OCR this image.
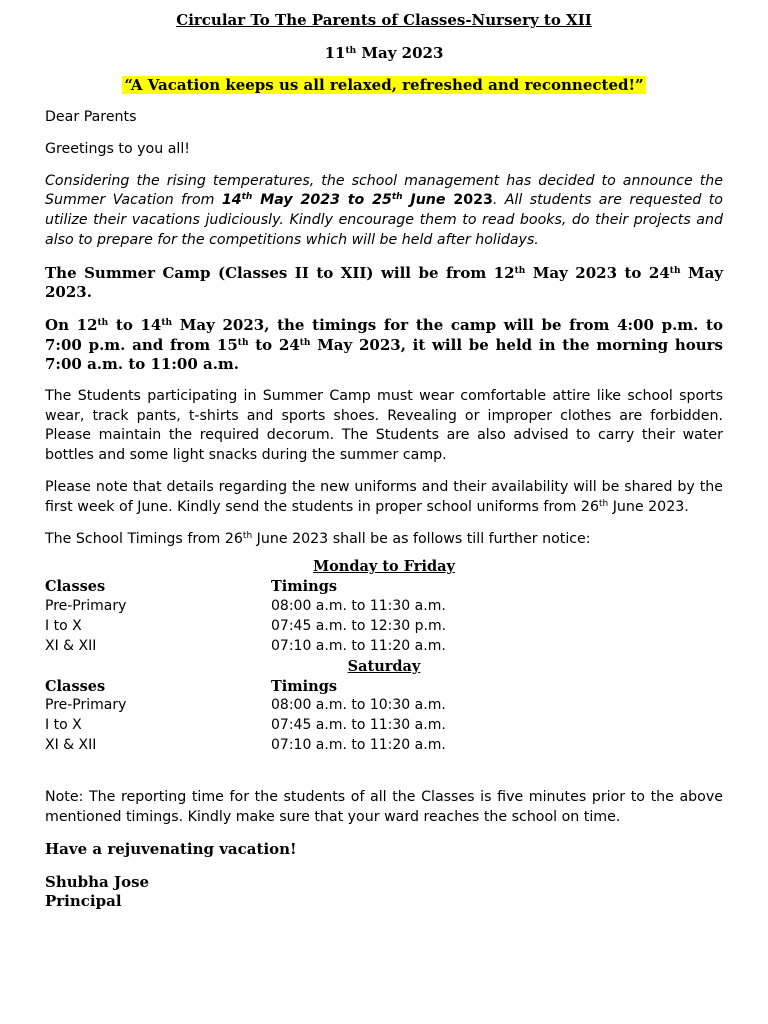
Circular To The Parents of Classes-Nursery to XII

11th May 2023

“A Vacation keeps us all relaxed, refreshed and reconnected!”

Dear Parents

Greetings to you all!

Considering the rising temperatures, the school management has decided to announce the Summer Vacation from 14th May 2023 to 25th June 2023. All students are requested to utilize their vacations judiciously. Kindly encourage them to read books, do their projects and also to prepare for the competitions which will be held after holidays.

The Summer Camp (Classes II to XII) will be from 12th May 2023 to 24th May 2023.

On 12th to 14th May 2023, the timings for the camp will be from 4:00 p.m. to 7:00 p.m. and from 15th to 24th May 2023, it will be held in the morning hours 7:00 a.m. to 11:00 a.m.

The Students participating in Summer Camp must wear comfortable attire like school sports wear, track pants, t-shirts and sports shoes. Revealing or improper clothes are forbidden. Please maintain the required decorum. The Students are also advised to carry their water bottles and some light snacks during the summer camp.

Please note that details regarding the new uniforms and their availability will be shared by the first week of June. Kindly send the students in proper school uniforms from 26th June 2023.

The School Timings from 26th June 2023 shall be as follows till further notice:

Monday to Friday
Classes	Timings
Pre-Primary	08:00 a.m. to 11:30 a.m.
I to X	07:45 a.m. to 12:30 p.m.
XI & XII	07:10 a.m. to 11:20 a.m.
Saturday
Classes	Timings
Pre-Primary	08:00 a.m. to 10:30 a.m.
I to X	07:45 a.m. to 11:30 a.m.
XI & XII	07:10 a.m. to 11:20 a.m.

Note: The reporting time for the students of all the Classes is five minutes prior to the above mentioned timings. Kindly make sure that your ward reaches the school on time.

Have a rejuvenating vacation!

Shubha Jose

Principal
